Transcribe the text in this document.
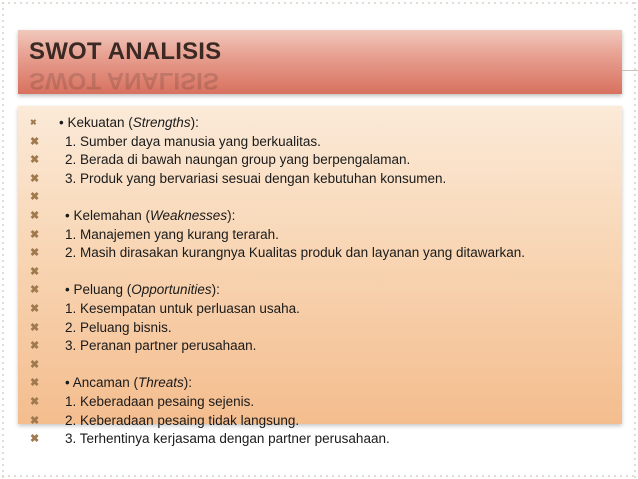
SWOT ANALISIS
SWOT ANALISIS
✖ • Kekuatan (Strengths):
✖ 1. Sumber daya manusia yang berkualitas.
✖ 2. Berada di bawah naungan group yang berpengalaman.
✖ 3. Produk yang bervariasi sesuai dengan kebutuhan konsumen.
✖
✖ • Kelemahan (Weaknesses):
✖ 1. Manajemen yang kurang terarah.
✖ 2. Masih dirasakan kurangnya Kualitas produk dan layanan yang ditawarkan.
✖
✖ • Peluang (Opportunities):
✖ 1. Kesempatan untuk perluasan usaha.
✖ 2. Peluang bisnis.
✖ 3. Peranan partner perusahaan.
✖
✖ • Ancaman (Threats):
✖ 1. Keberadaan pesaing sejenis.
✖ 2. Keberadaan pesaing tidak langsung.
✖ 3. Terhentinya kerjasama dengan partner perusahaan.
